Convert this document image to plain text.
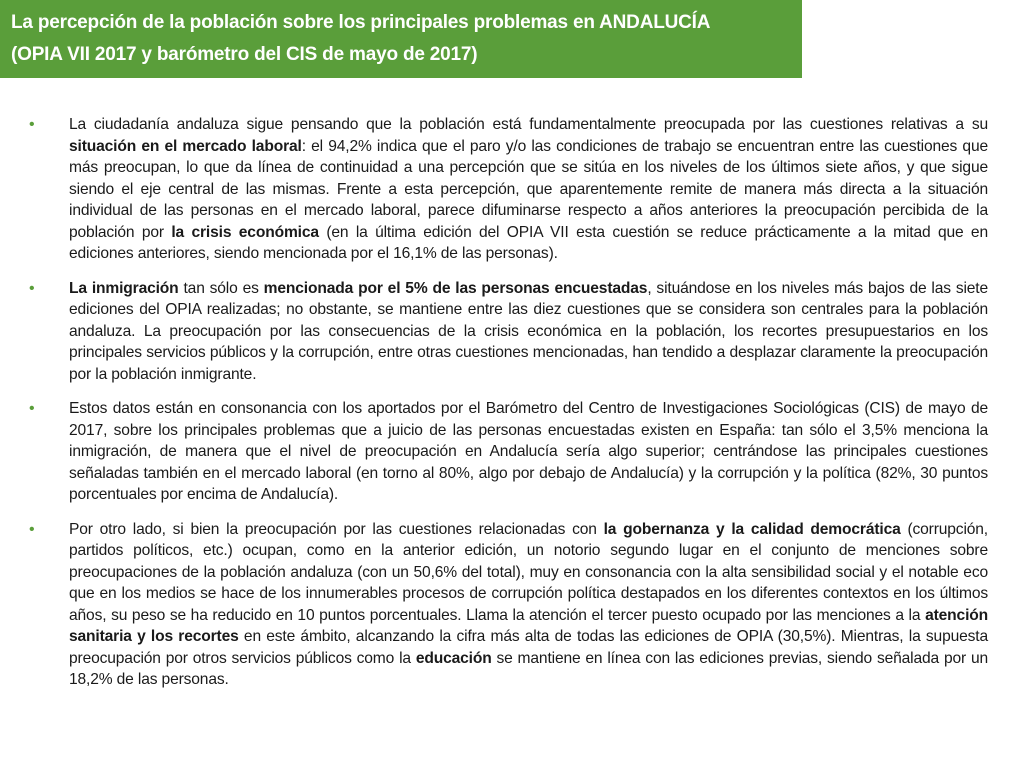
La percepción de la población sobre los principales problemas en ANDALUCÍA
(OPIA VII 2017 y barómetro del CIS de mayo de 2017)
• La ciudadanía andaluza sigue pensando que la población está fundamentalmente preocupada por las cuestiones relativas a su situación en el mercado laboral: el 94,2% indica que el paro y/o las condiciones de trabajo se encuentran entre las cuestiones que más preocupan, lo que da línea de continuidad a una percepción que se sitúa en los niveles de los últimos siete años, y que sigue siendo el eje central de las mismas. Frente a esta percepción, que aparentemente remite de manera más directa a la situación individual de las personas en el mercado laboral, parece difuminarse respecto a años anteriores la preocupación percibida de la población por la crisis económica (en la última edición del OPIA VII esta cuestión se reduce prácticamente a la mitad que en ediciones anteriores, siendo mencionada por el 16,1% de las personas).

• La inmigración tan sólo es mencionada por el 5% de las personas encuestadas, situándose en los niveles más bajos de las siete ediciones del OPIA realizadas; no obstante, se mantiene entre las diez cuestiones que se considera son centrales para la población andaluza. La preocupación por las consecuencias de la crisis económica en la población, los recortes presupuestarios en los principales servicios públicos y la corrupción, entre otras cuestiones mencionadas, han tendido a desplazar claramente la preocupación por la población inmigrante.

• Estos datos están en consonancia con los aportados por el Barómetro del Centro de Investigaciones Sociológicas (CIS) de mayo de 2017, sobre los principales problemas que a juicio de las personas encuestadas existen en España: tan sólo el 3,5% menciona la inmigración, de manera que el nivel de preocupación en Andalucía sería algo superior; centrándose las principales cuestiones señaladas también en el mercado laboral (en torno al 80%, algo por debajo de Andalucía) y la corrupción y la política (82%, 30 puntos porcentuales por encima de Andalucía).

• Por otro lado, si bien la preocupación por las cuestiones relacionadas con la gobernanza y la calidad democrática (corrupción, partidos políticos, etc.) ocupan, como en la anterior edición, un notorio segundo lugar en el conjunto de menciones sobre preocupaciones de la población andaluza (con un 50,6% del total), muy en consonancia con la alta sensibilidad social y el notable eco que en los medios se hace de los innumerables procesos de corrupción política destapados en los diferentes contextos en los últimos años, su peso se ha reducido en 10 puntos porcentuales. Llama la atención el tercer puesto ocupado por las menciones a la atención sanitaria y los recortes en este ámbito, alcanzando la cifra más alta de todas las ediciones de OPIA (30,5%). Mientras, la supuesta preocupación por otros servicios públicos como la educación se mantiene en línea con las ediciones previas, siendo señalada por un 18,2% de las personas.
